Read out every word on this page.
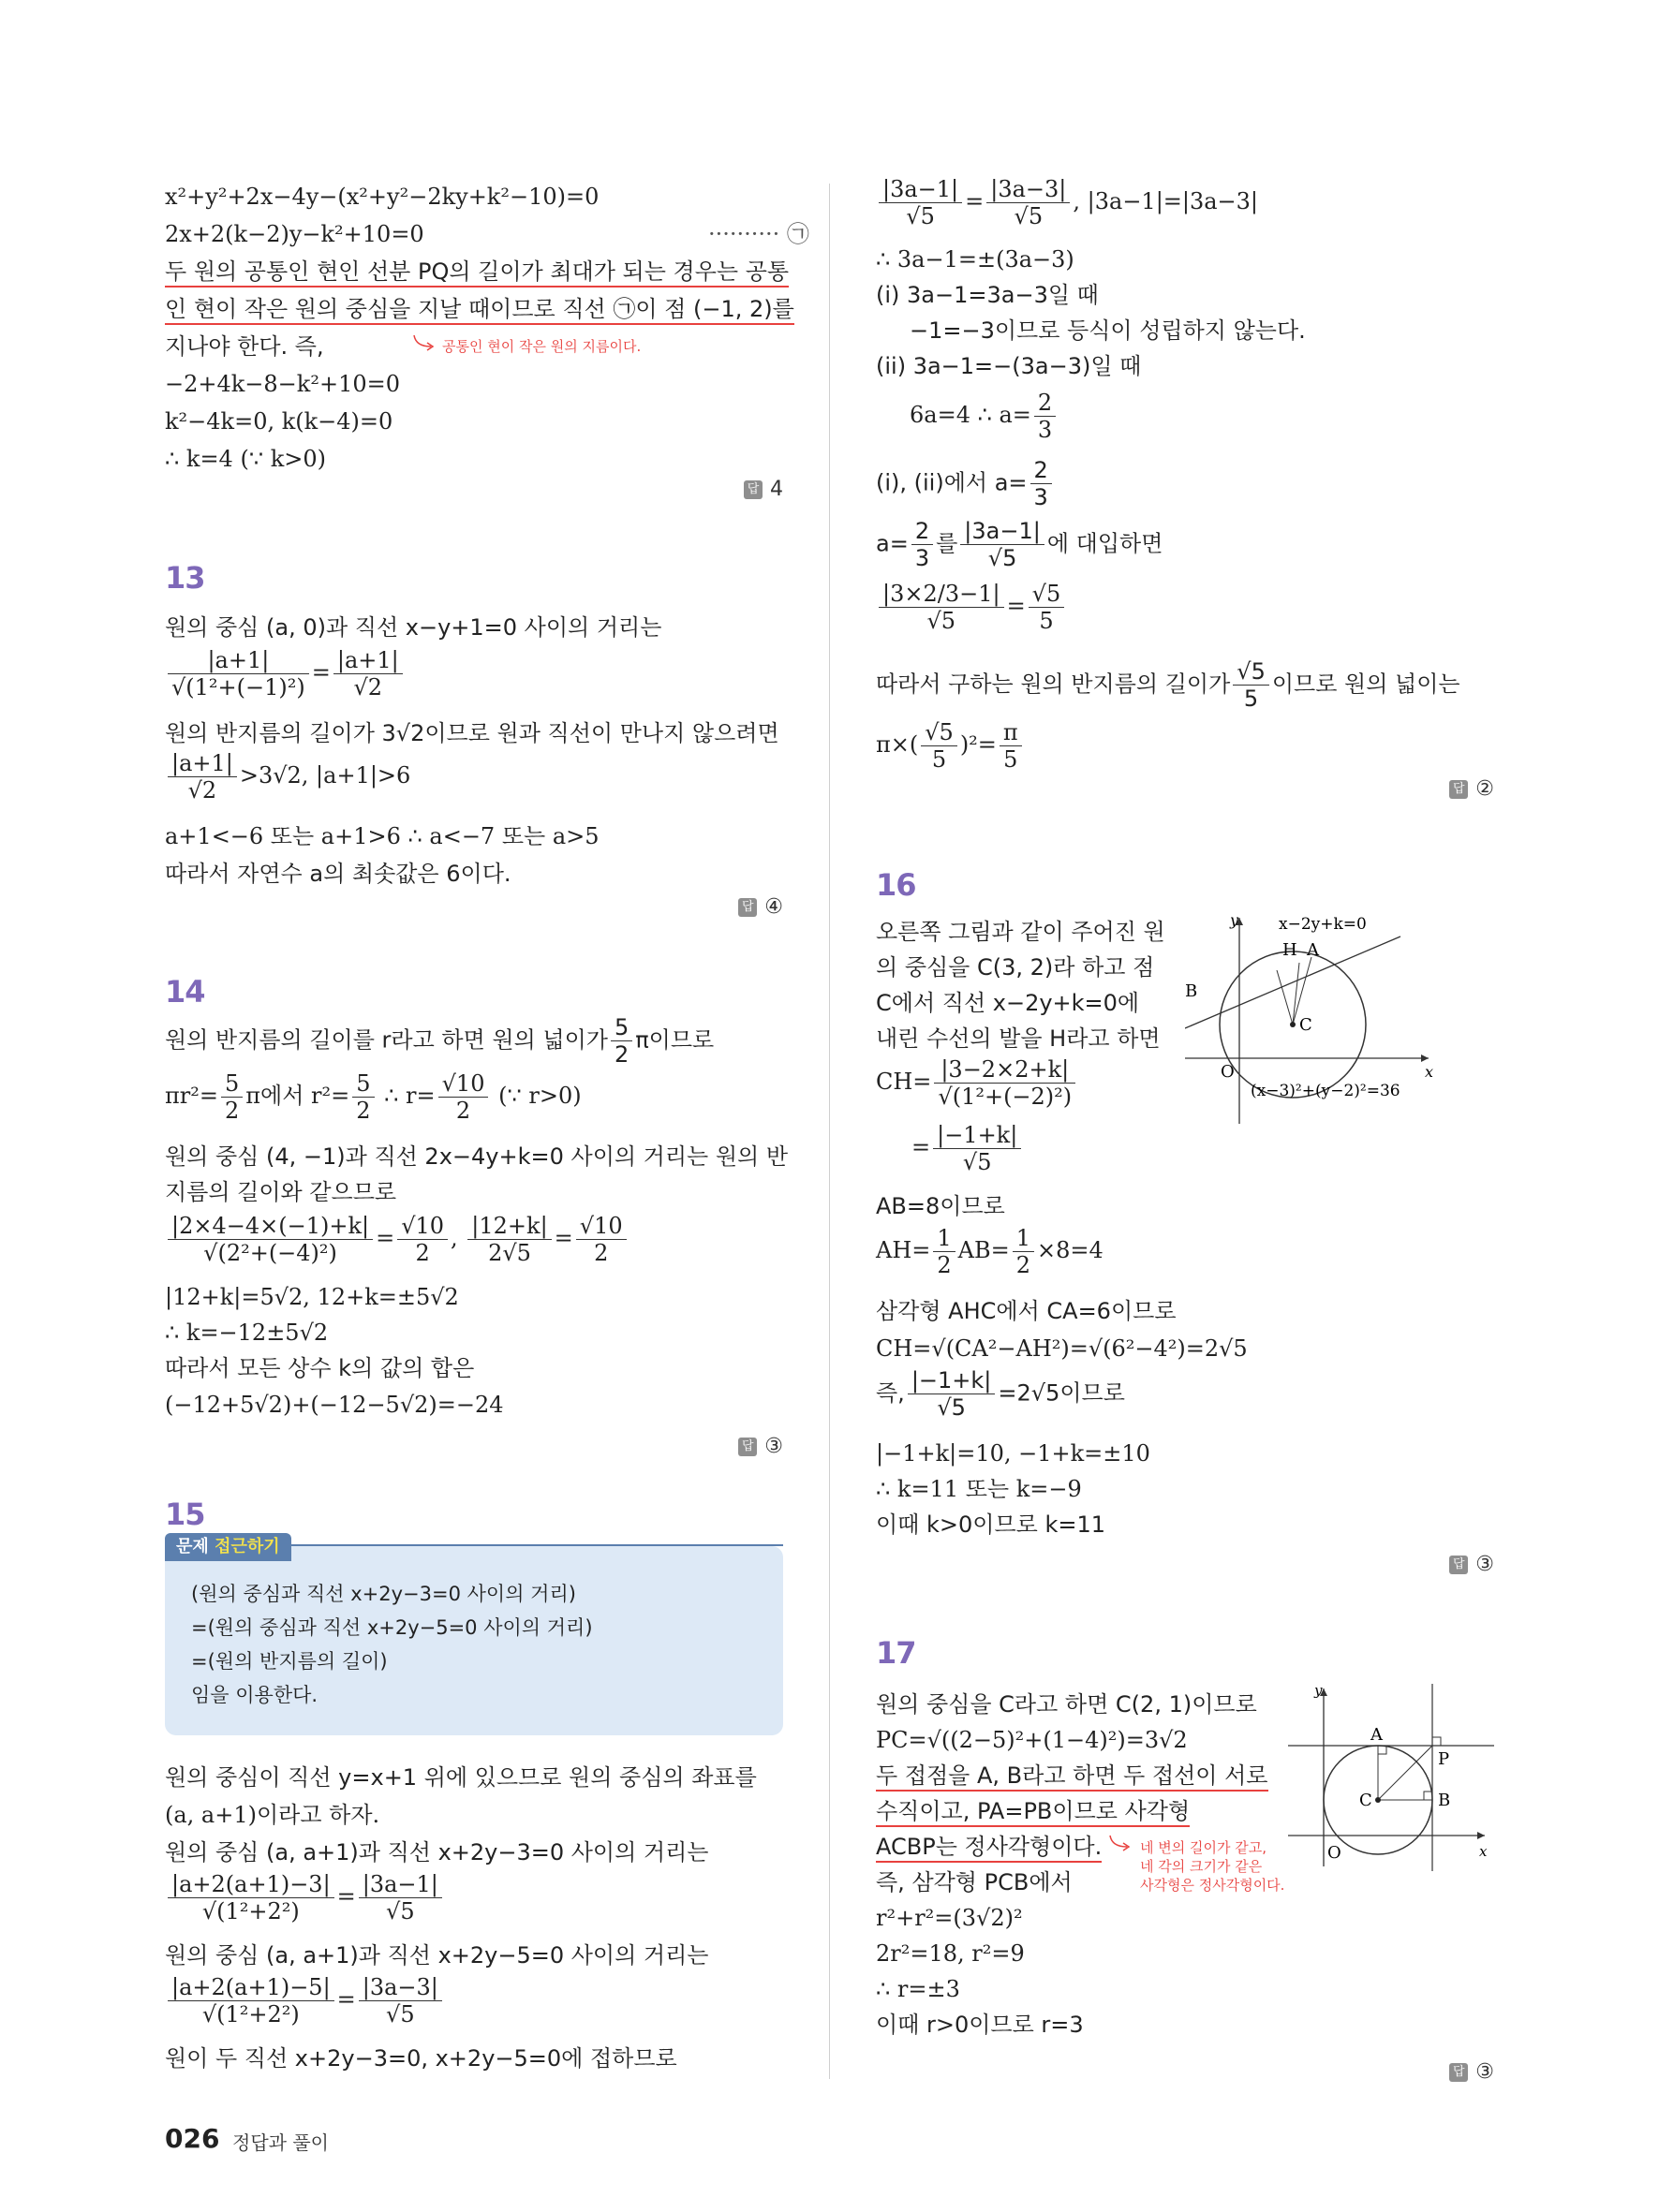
x²+y²+2x−4y−(x²+y²−2ky+k²−10)=0
2x+2(k−2)y−k²+10=0	·········· ㉠
두 원의 공통인 현인 선분 PQ의 길이가 최대가 되는 경우는 공통
인 현이 작은 원의 중심을 지날 때이므로 직선 ㉠이 점 (−1, 2)를
지나야 한다. 즉,	공통인 현이 작은 원의 지름이다.
−2+4k−8−k²+10=0
k²−4k=0, k(k−4)=0
∴ k=4 (∵ k>0)
답 4
13
원의 중심 (a, 0)과 직선 x−y+1=0 사이의 거리는
$\frac{|a+1|}{\text{√(1²+(−1)²)}} = \frac{|a+1|}{√2}$
원의 반지름의 길이가 3√2이므로 원과 직선이 만나지 않으려면
$\frac{|a+1|}{√2} >3√2$, |a+1|>6
a+1<−6 또는 a+1>6 ∴ a<−7 또는 a>5
따라서 자연수 a의 최솟값은 6이다.
답 ④
14
원의 반지름의 길이를 r라고 하면 원의 넓이가 $\frac{5}{2}$ π이므로
$\pi r^2= \frac{5}{2}$ π에서 $r^2= \frac{5}{2}$ ∴ $r= \frac{√10}{2}$ (∵ r>0)
원의 중심 (4, −1)과 직선 2x−4y+k=0 사이의 거리는 원의 반
지름의 길이와 같으므로
$\frac{|2\times 4-4\times(-1)+k|}{\text{√(2²+(−4)²)}} = \frac{√10}{2}$ , $\frac{|12+k|}{2√5} = \frac{√10}{2}$
|12+k|=5√2, 12+k=±5√2
∴ k=−12±5√2
따라서 모든 상수 k의 값의 합은
(−12+5√2)+(−12−5√2)=−24
답 ③
15
문제 접근하기
(원의 중심과 직선 x+2y−3=0 사이의 거리)
=(원의 중심과 직선 x+2y−5=0 사이의 거리)
=(원의 반지름의 길이)
임을 이용한다.
원의 중심이 직선 y=x+1 위에 있으므로 원의 중심의 좌표를
(a, a+1)이라고 하자.
원의 중심 (a, a+1)과 직선 x+2y−3=0 사이의 거리는
$\frac{|a+2(a+1)-3|}{\text{√(1²+2²)}} = \frac{|3a-1|}{√5}$
원의 중심 (a, a+1)과 직선 x+2y−5=0 사이의 거리는
$\frac{|a+2(a+1)-5|}{\text{√(1²+2²)}} = \frac{|3a-3|}{√5}$
원이 두 직선 x+2y−3=0, x+2y−5=0에 접하므로
$\frac{|3a-1|}{√5} = \frac{|3a-3|}{√5}$ , |3a−1|=|3a−3|
∴ 3a−1=±(3a−3)
(i) 3a−1=3a−3일 때
−1=−3이므로 등식이 성립하지 않는다.
(ii) 3a−1=−(3a−3)일 때
6a=4 ∴ $a= \frac{2}{3}$
(i), (ii)에서 $a= \frac{2}{3}$
$a= \frac{2}{3}$ 를 $\frac{|3a-1|}{√5}$ 에 대입하면
$\frac{|3\times 2/3-1|}{√5} = \frac{√5}{5}$
따라서 구하는 원의 반지름의 길이가 $\frac{√5}{5}$ 이므로 원의 넓이는
$\pi\times( \frac{√5}{5} )^2= \frac{\pi}{5}$
답 ②
16
오른쪽 그림과 같이 주어진 원
의 중심을 C(3, 2)라 하고 점
C에서 직선 x−2y+k=0에
내린 수선의 발을 H라고 하면
$CH= \frac{|3-2\times 2+k|}{\text{√(1²+(−2)²)}}$
= $\frac{|-1+k|}{√5}$
AB=8이므로
$AH= \frac{1}{2} AB= \frac{1}{2} \times 8=4$
삼각형 AHC에서 CA=6이므로
CH=√(CA²−AH²)=√(6²−4²)=2√5
즉, $\frac{|-1+k|}{√5} =2√5$이므로
|−1+k|=10, −1+k=±10
∴ k=11 또는 k=−9
이때 k>0이므로 k=11
답 ③
y
x
O
H A
B
C
x−2y+k=0
(x−3)²+(y−2)²=36
17
원의 중심을 C라고 하면 C(2, 1)이므로
PC=√((2−5)²+(1−4)²)=3√2
두 접점을 A, B라고 하면 두 접선이 서로
수직이고, PA=PB이므로 사각형
ACBP는 정사각형이다.	네 변의 길이가 같고,
네 각의 크기가 같은
사각형은 정사각형이다.
즉, 삼각형 PCB에서
r²+r²=(3√2)²
2r²=18, r²=9
∴ r=±3
이때 r>0이므로 r=3
답 ③
y
x
O
A
B
C
P
026 정답과 풀이
